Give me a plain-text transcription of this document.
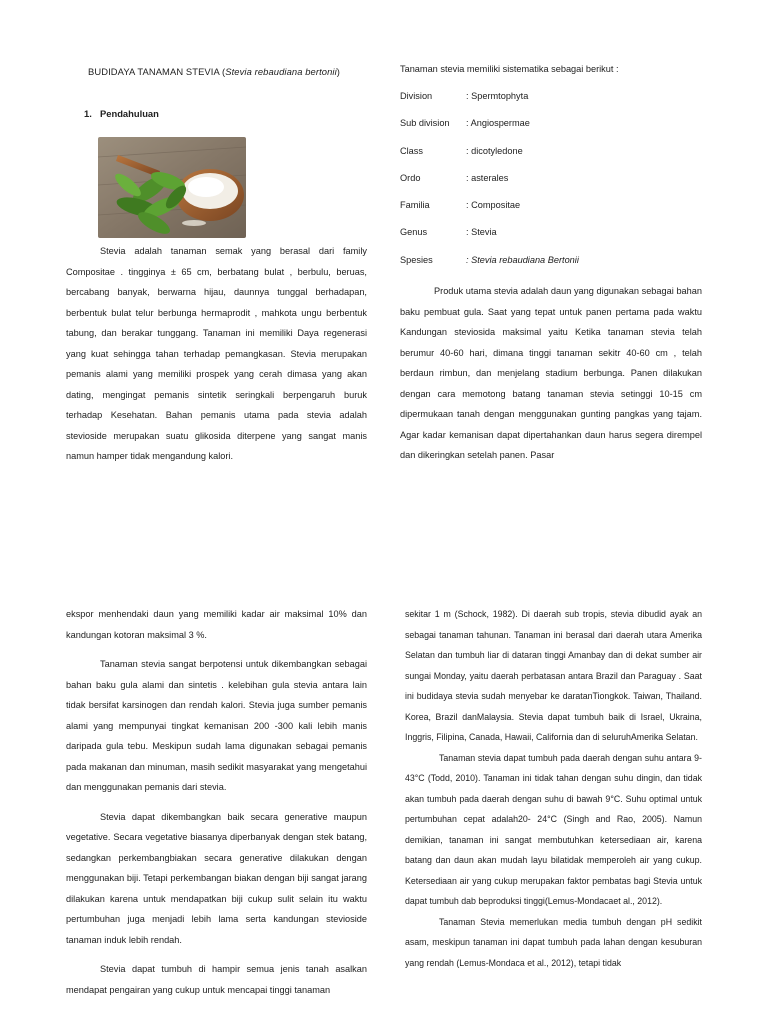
BUDIDAYA TANAMAN STEVIA (Stevia rebaudiana bertonii)
1. Pendahuluan
Stevia adalah tanaman semak yang berasal dari family Compositae . tingginya ± 65 cm, berbatang bulat , berbulu, beruas, bercabang banyak, berwarna hijau, daunnya tunggal berhadapan, berbentuk bulat telur berbunga hermaprodit , mahkota ungu berbentuk tabung, dan berakar tunggang. Tanaman ini memiliki Daya regenerasi yang kuat sehingga tahan terhadap pemangkasan. Stevia merupakan pemanis alami yang memiliki prospek yang cerah dimasa yang akan dating, mengingat pemanis sintetik seringkali berpengaruh buruk terhadap Kesehatan. Bahan pemanis utama pada stevia adalah stevioside merupakan suatu glikosida diterpene yang sangat manis namun hamper tidak mengandung kalori.
Tanaman stevia memiliki sistematika sebagai berikut :
Division	: Spermtophyta
Sub division	: Angiospermae
Class	: dicotyledone
Ordo	: asterales
Familia	: Compositae
Genus	: Stevia
Spesies	: Stevia rebaudiana Bertonii
Produk utama stevia adalah daun yang digunakan sebagai bahan baku pembuat gula. Saat yang tepat untuk panen pertama pada waktu Kandungan steviosida maksimal yaitu Ketika tanaman stevia telah berumur 40-60 hari, dimana tinggi tanaman sekitr 40-60 cm , telah berdaun rimbun, dan menjelang stadium berbunga. Panen dilakukan dengan cara memotong batang tanaman stevia setinggi 10-15 cm dipermukaan tanah dengan menggunakan gunting pangkas yang tajam. Agar kadar kemanisan dapat dipertahankan daun harus segera dirempel dan dikeringkan setelah panen. Pasar
ekspor menhendaki daun yang memiliki kadar air maksimal 10% dan kandungan kotoran maksimal 3 %.
Tanaman stevia sangat berpotensi untuk dikembangkan sebagai bahan baku gula alami dan sintetis . kelebihan gula stevia antara lain tidak bersifat karsinogen dan rendah kalori. Stevia juga sumber pemanis alami yang mempunyai tingkat kemanisan 200 -300 kali lebih manis daripada gula tebu. Meskipun sudah lama digunakan sebagai pemanis pada makanan dan minuman, masih sedikit masyarakat yang mengetahui dan menggunakan pemanis dari stevia.
Stevia dapat dikembangkan baik secara generative maupun vegetative. Secara vegetative biasanya diperbanyak dengan stek batang, sedangkan perkembangbiakan secara generative dilakukan dengan menggunakan biji. Tetapi perkembangan biakan dengan biji sangat jarang dilakukan karena untuk mendapatkan biji cukup sulit selain itu waktu pertumbuhan juga menjadi lebih lama serta kandungan stevioside tanaman induk lebih rendah.
Stevia dapat tumbuh di hampir semua jenis tanah asalkan mendapat pengairan yang cukup untuk mencapai tinggi tanaman
sekitar 1 m (Schock, 1982). Di daerah sub tropis, stevia dibudid ayak an sebagai tanaman tahunan. Tanaman ini berasal dari daerah utara Amerika Selatan dan tumbuh liar di dataran tinggi Amanbay dan di dekat sumber air sungai Monday, yaitu daerah perbatasan antara Brazil dan Paraguay . Saat ini budidaya stevia sudah menyebar ke daratanTiongkok. Taiwan, Thailand. Korea, Brazil danMalaysia. Stevia dapat tumbuh baik di Israel, Ukraina, Inggris, Filipina, Canada, Hawaii, California dan di seluruhAmerika Selatan.
Tanaman stevia dapat tumbuh pada daerah dengan suhu antara 9-43°C (Todd, 2010). Tanaman ini tidak tahan dengan suhu dingin, dan tidak akan tumbuh pada daerah dengan suhu di bawah 9°C. Suhu optimal untuk pertumbuhan cepat adalah20- 24°C (Singh and Rao, 2005). Namun demikian, tanaman ini sangat membutuhkan ketersediaan air, karena batang dan daun akan mudah layu bilatidak memperoleh air yang cukup. Ketersediaan air yang cukup merupakan faktor pembatas bagi Stevia untuk dapat tumbuh dab beproduksi tinggi(Lemus-Mondacaet al., 2012).
Tanaman Stevia memerlukan media tumbuh dengan pH sedikit asam, meskipun tanaman ini dapat tumbuh pada lahan dengan kesuburan yang rendah (Lemus-Mondaca et al., 2012), tetapi tidak
